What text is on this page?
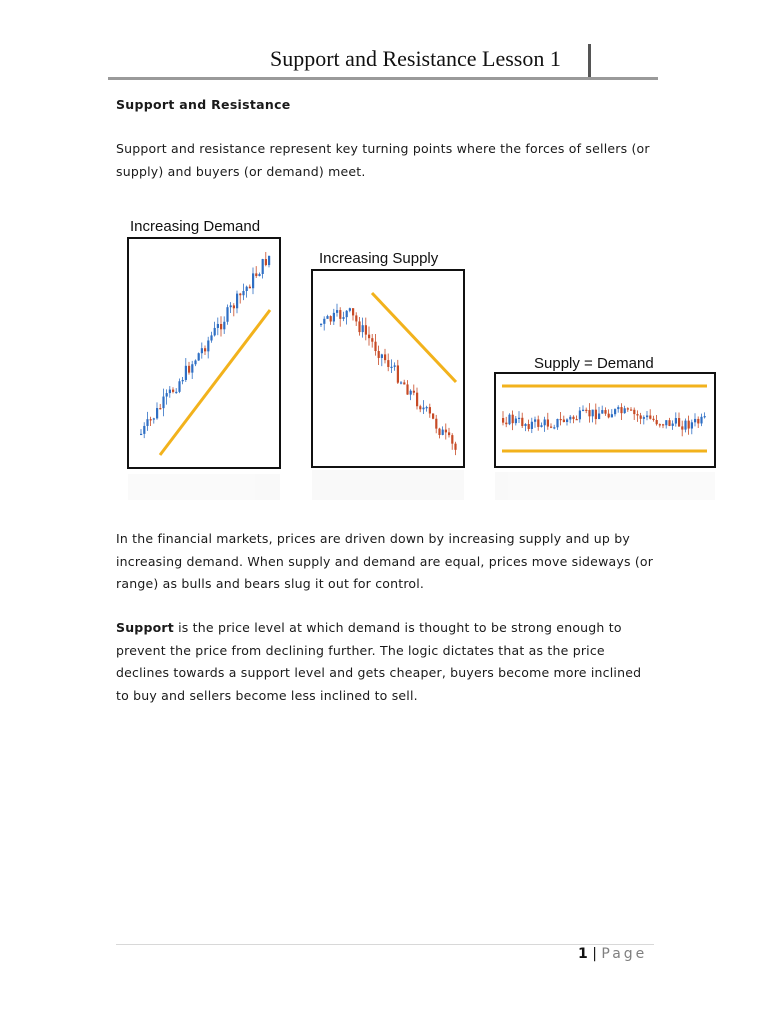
Support and Resistance Lesson 1
Support and Resistance
Support and resistance represent key turning points where the forces of sellers (or supply) and buyers (or demand) meet.
Increasing Demand
Increasing Supply
Supply = Demand
In the financial markets, prices are driven down by increasing supply and up by increasing demand. When supply and demand are equal, prices move sideways (or range) as bulls and bears slug it out for control.
Support is the price level at which demand is thought to be strong enough to prevent the price from declining further. The logic dictates that as the price declines towards a support level and gets cheaper, buyers become more inclined to buy and sellers become less inclined to sell.
1 | Page
